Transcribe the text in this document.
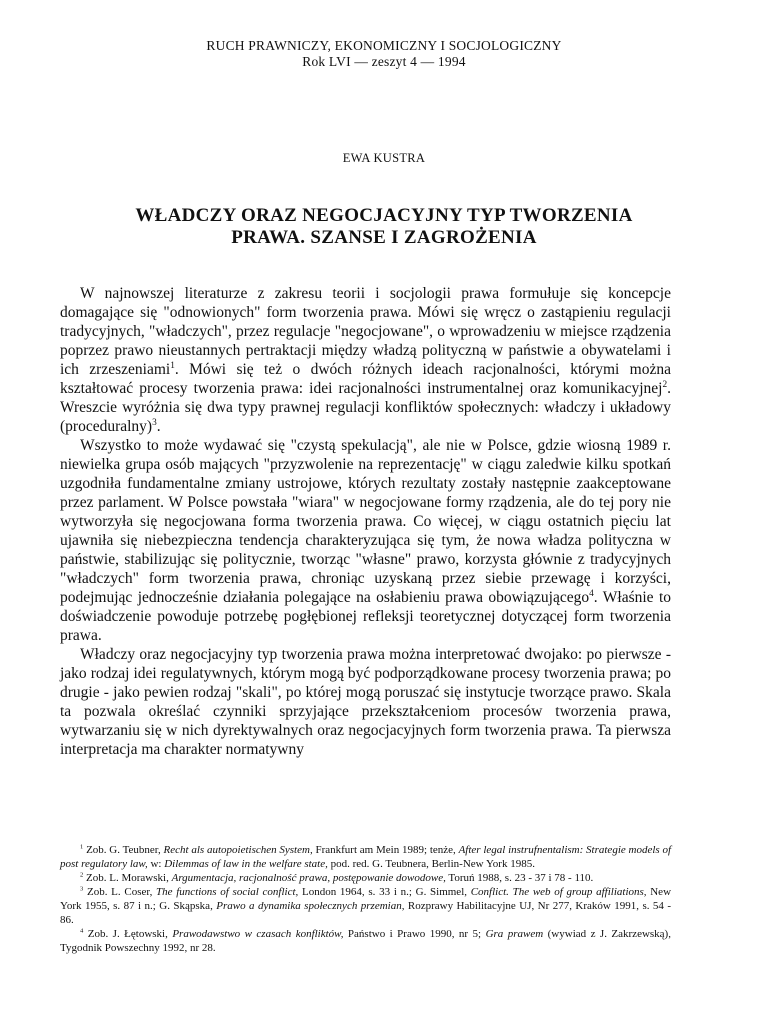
RUCH PRAWNICZY, EKONOMICZNY I SOCJOLOGICZNY
Rok LVI — zeszyt 4 — 1994
EWA KUSTRA
WŁADCZY ORAZ NEGOCJACYJNY TYP TWORZENIA
PRAWA. SZANSE I ZAGROŻENIA

W najnowszej literaturze z zakresu teorii i socjologii prawa formułuje się koncepcje domagające się "odnowionych" form tworzenia prawa. Mówi się wręcz o zastąpieniu regulacji tradycyjnych, "władczych", przez regulacje "negocjowane", o wprowadzeniu w miejsce rządzenia poprzez prawo nieustannych pertraktacji między władzą polityczną w państwie a obywatelami i ich zrzeszeniami$^1$. Mówi się też o dwóch różnych ideach racjonalności, którymi można kształtować procesy tworzenia prawa: idei racjonalności instrumentalnej oraz komunikacyjnej$^2$. Wreszcie wyróżnia się dwa typy prawnej regulacji konfliktów społecznych: władczy i układowy (proceduralny)$^3$.

Wszystko to może wydawać się "czystą spekulacją", ale nie w Polsce, gdzie wiosną 1989 r. niewielka grupa osób mających "przyzwolenie na reprezentację" w ciągu zaledwie kilku spotkań uzgodniła fundamentalne zmiany ustrojowe, których rezultaty zostały następnie zaakceptowane przez parlament. W Polsce powstała "wiara" w negocjowane formy rządzenia, ale do tej pory nie wytworzyła się negocjowana forma tworzenia prawa. Co więcej, w ciągu ostatnich pięciu lat ujawniła się niebezpieczna tendencja charakteryzująca się tym, że nowa władza polityczna w państwie, stabilizując się politycznie, tworząc "własne" prawo, korzysta głównie z tradycyjnych "władczych" form tworzenia prawa, chroniąc uzyskaną przez siebie przewagę i korzyści, podejmując jednocześnie działania polegające na osłabieniu prawa obowiązującego$^4$. Właśnie to doświadczenie powoduje potrzebę pogłębionej refleksji teoretycznej dotyczącej form tworzenia prawa.

Władczy oraz negocjacyjny typ tworzenia prawa można interpretować dwojako: po pierwsze - jako rodzaj idei regulatywnych, którym mogą być podporządkowane procesy tworzenia prawa; po drugie - jako pewien rodzaj "skali", po której mogą poruszać się instytucje tworzące prawo. Skala ta pozwala określać czynniki sprzyjające przekształceniom procesów tworzenia prawa, wytwarzaniu się w nich dyrektywalnych oraz negocjacyjnych form tworzenia prawa. Ta pierwsza interpretacja ma charakter normatywny

$^1$ Zob. G. Teubner, Recht als autopoietischen System, Frankfurt am Mein 1989; tenże, After legal instrufnentalism: Strategie models of post regulatory law, w: Dilemmas of law in the welfare state, pod. red. G. Teubnera, Berlin-New York 1985.

$^2$ Zob. L. Morawski, Argumentacja, racjonalność prawa, postępowanie dowodowe, Toruń 1988, s. 23 - 37 i 78 - 110.

$^3$ Zob. L. Coser, The functions of social conflict, London 1964, s. 33 i n.; G. Simmel, Conflict. The web of group affiliations, New York 1955, s. 87 i n.; G. Skąpska, Prawo a dynamika społecznych przemian, Rozprawy Habilitacyjne UJ, Nr 277, Kraków 1991, s. 54 - 86.

$^4$ Zob. J. Łętowski, Prawodawstwo w czasach konfliktów, Państwo i Prawo 1990, nr 5; Gra prawem (wywiad z J. Zakrzewską), Tygodnik Powszechny 1992, nr 28.
